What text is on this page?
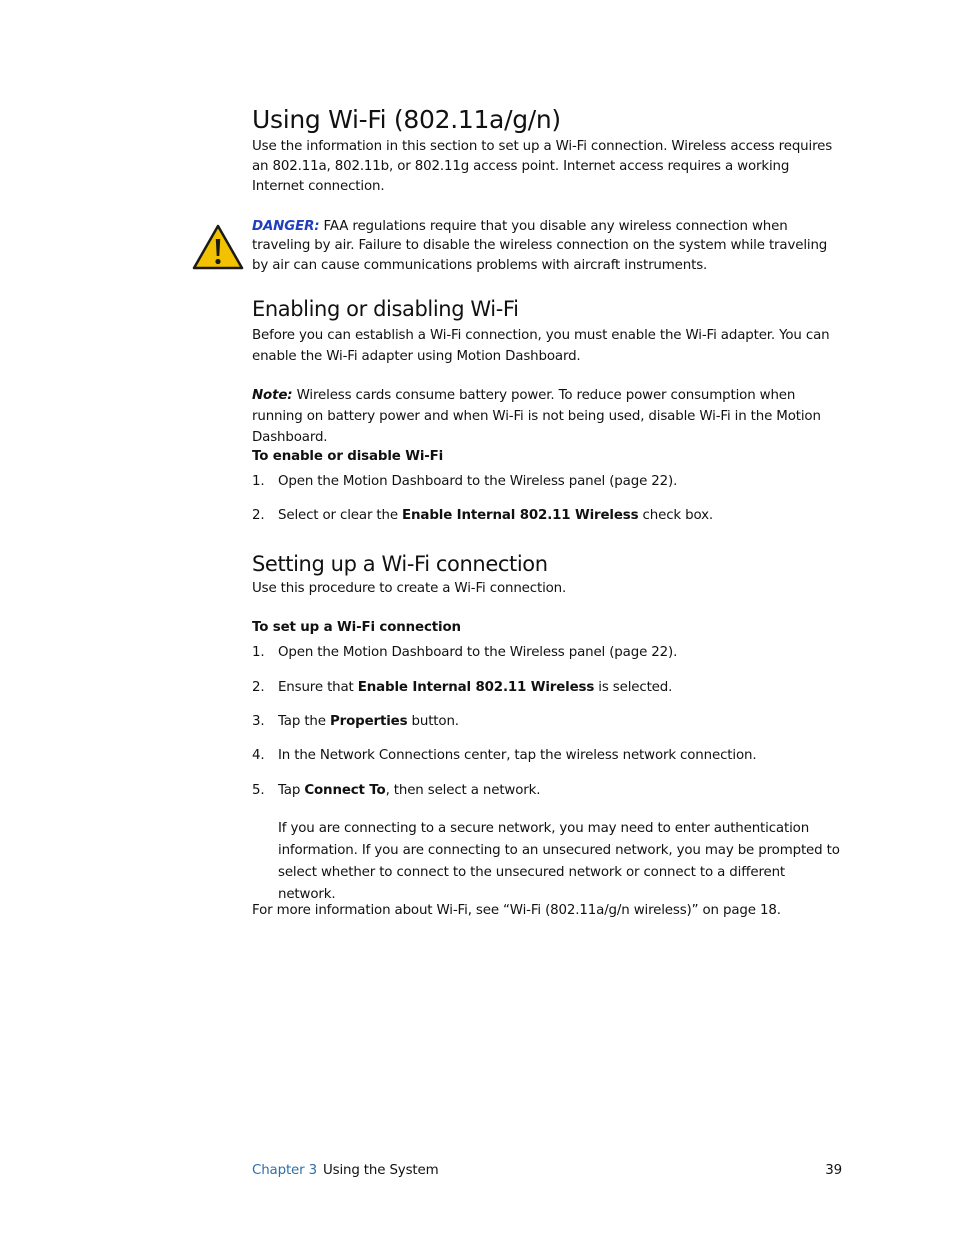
Using Wi-Fi (802.11a/g/n)

Use the information in this section to set up a Wi-Fi connection. Wireless access requires an 802.11a, 802.11b, or 802.11g access point. Internet access requires a working Internet connection.

DANGER: FAA regulations require that you disable any wireless connection when traveling by air. Failure to disable the wireless connection on the system while traveling by air can cause communications problems with aircraft instruments.

Enabling or disabling Wi-Fi

Before you can establish a Wi-Fi connection, you must enable the Wi-Fi adapter. You can enable the Wi-Fi adapter using Motion Dashboard.

Note: Wireless cards consume battery power. To reduce power consumption when running on battery power and when Wi-Fi is not being used, disable Wi-Fi in the Motion Dashboard.

To enable or disable Wi-Fi

1. Open the Motion Dashboard to the Wireless panel (page 22).
2. Select or clear the Enable Internal 802.11 Wireless check box.
Setting up a Wi-Fi connection

Use this procedure to create a Wi-Fi connection.

To set up a Wi-Fi connection

1. Open the Motion Dashboard to the Wireless panel (page 22).
2. Ensure that Enable Internal 802.11 Wireless is selected.
3. Tap the Properties button.
4. In the Network Connections center, tap the wireless network connection.
5. Tap Connect To, then select a network.

If you are connecting to a secure network, you may need to enter authentication information. If you are connecting to an unsecured network, you may be prompted to select whether to connect to the unsecured network or connect to a different network.

For more information about Wi-Fi, see “Wi-Fi (802.11a/g/n wireless)” on page 18.

Chapter 3 Using the System	39
